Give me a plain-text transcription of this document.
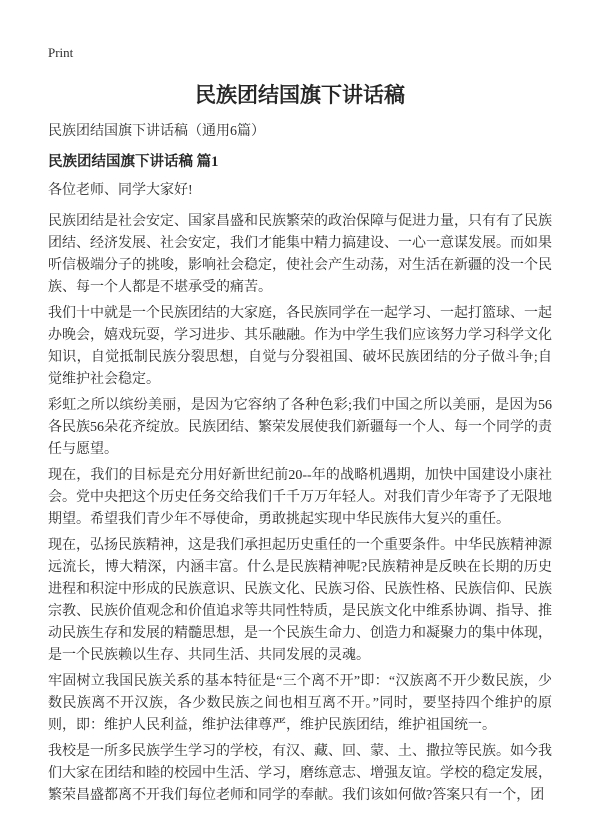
Print
民族团结国旗下讲话稿
民族团结国旗下讲话稿（通用6篇）
民族团结国旗下讲话稿 篇1
各位老师、同学大家好!

民族团结是社会安定、国家昌盛和民族繁荣的政治保障与促进力量，只有有了民族团结、经济发展、社会安定，我们才能集中精力搞建设、一心一意谋发展。而如果听信极端分子的挑唆，影响社会稳定，使社会产生动荡，对生活在新疆的没一个民族、每一个人都是不堪承受的痛苦。

我们十中就是一个民族团结的大家庭，各民族同学在一起学习、一起打篮球、一起办晚会，嬉戏玩耍，学习进步、其乐融融。作为中学生我们应该努力学习科学文化知识，自觉抵制民族分裂思想，自觉与分裂祖国、破坏民族团结的分子做斗争;自觉维护社会稳定。

彩虹之所以缤纷美丽，是因为它容纳了各种色彩;我们中国之所以美丽，是因为56各民族56朵花齐绽放。民族团结、繁荣发展使我们新疆每一个人、每一个同学的责任与愿望。

现在，我们的目标是充分用好新世纪前20--年的战略机遇期，加快中国建设小康社会。党中央把这个历史任务交给我们千千万万年轻人。对我们青少年寄予了无限地期望。希望我们青少年不辱使命，勇敢挑起实现中华民族伟大复兴的重任。

现在，弘扬民族精神，这是我们承担起历史重任的一个重要条件。中华民族精神源远流长，博大精深，内涵丰富。什么是民族精神呢?民族精神是反映在长期的历史进程和积淀中形成的民族意识、民族文化、民族习俗、民族性格、民族信仰、民族宗教、民族价值观念和价值追求等共同性特质，是民族文化中维系协调、指导、推动民族生存和发展的精髓思想，是一个民族生命力、创造力和凝聚力的集中体现，是一个民族赖以生存、共同生活、共同发展的灵魂。

牢固树立我国民族关系的基本特征是“三个离不开”即：“汉族离不开少数民族，少数民族离不开汉族，各少数民族之间也相互离不开。”同时，要坚持四个维护的原则，即：维护人民利益，维护法律尊严，维护民族团结，维护祖国统一。

我校是一所多民族学生学习的学校，有汉、藏、回、蒙、土、撒拉等民族。如今我们大家在团结和睦的校园中生活、学习，磨练意志、增强友谊。学校的稳定发展，繁荣昌盛都离不开我们每位老师和同学的奉献。我们该如何做?答案只有一个，团
